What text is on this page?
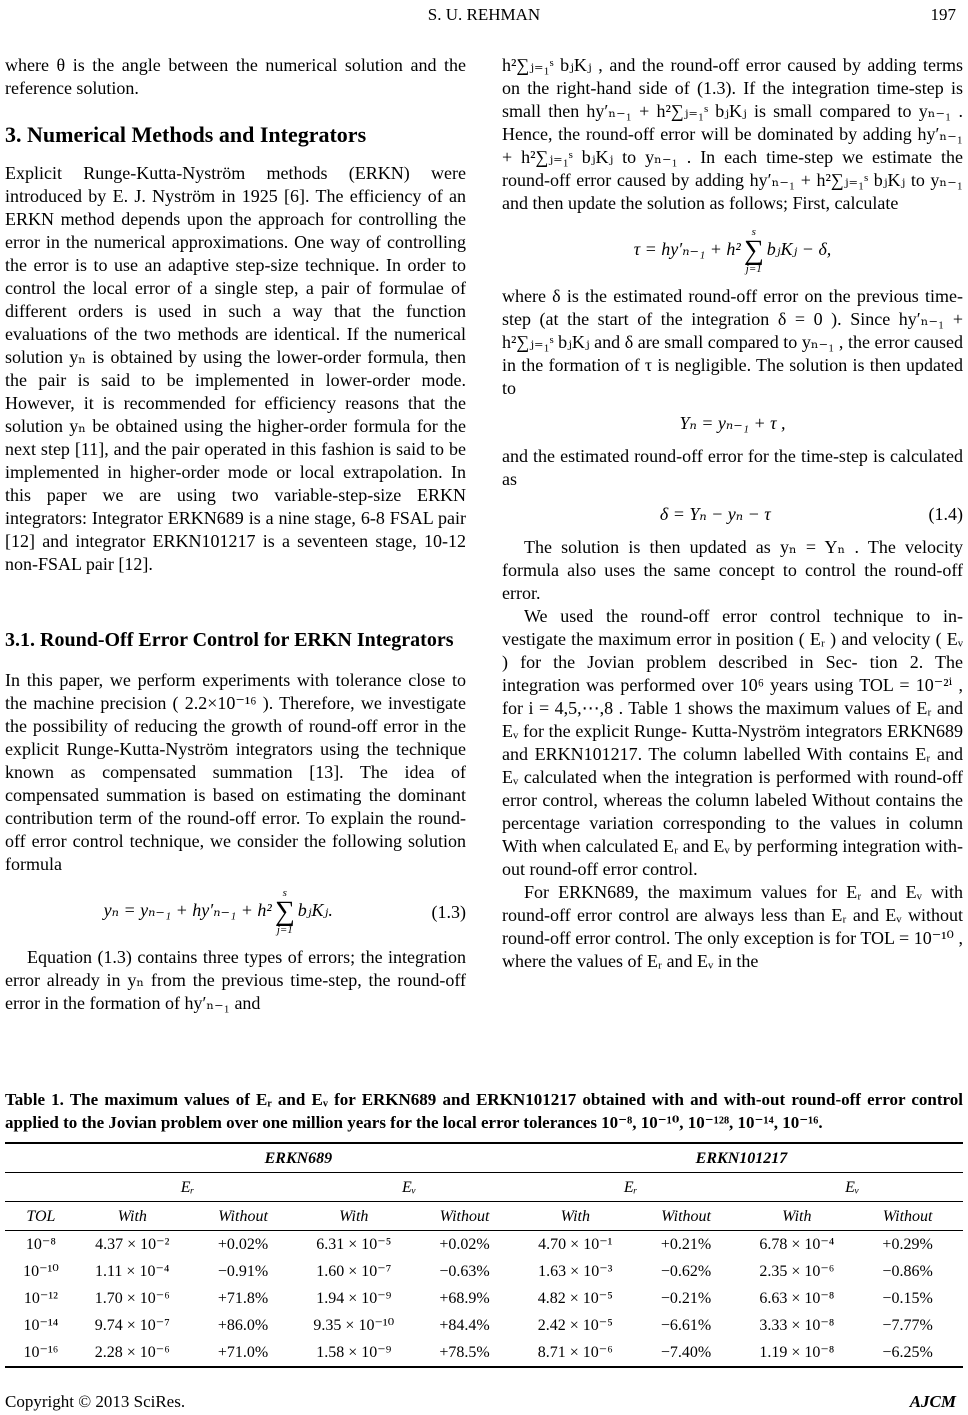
S. U. REHMAN	197

where θ is the angle between the numerical solution and the reference solution.

3. Numerical Methods and Integrators

Explicit Runge-Kutta-Nyström methods (ERKN) were introduced by E. J. Nyström in 1925 [6]. The efficiency of an ERKN method depends upon the approach for controlling the error in the numerical approximations. One way of controlling the error is to use an adaptive step-size technique. In order to control the local error of a single step, a pair of formulae of different orders is used in such a way that the function evaluations of the two methods are identical. If the numerical solution yₙ is obtained by using the lower-order formula, then the pair is said to be implemented in lower-order mode. However, it is recommended for efficiency reasons that the solution yₙ be obtained using the higher-order formula for the next step [11], and the pair operated in this fashion is said to be implemented in higher-order mode or local extrapolation. In this paper we are using two variable-step-size ERKN integrators: Integrator ERKN689 is a nine stage, 6-8 FSAL pair [12] and integrator ERKN101217 is a seventeen stage, 10-12 non-FSAL pair [12].

3.1. Round-Off Error Control for ERKN Integrators

In this paper, we perform experiments with tolerance close to the machine precision ( 2.2×10⁻¹⁶ ). Therefore, we investigate the possibility of reducing the growth of round-off error in the explicit Runge-Kutta-Nyström integrators using the technique known as compensated summation [13]. The idea of compensated summation is based on estimating the dominant contribution term of the round-off error. To explain the round-off error control technique, we consider the following solution formula

yₙ = yₙ₋₁ + hy′ₙ₋₁ + h²
s
∑
j=1
bⱼKⱼ.	(1.3)

Equation (1.3) contains three types of errors; the integration error already in yₙ from the previous time-step, the round-off error in the formation of hy′ₙ₋₁ and

h²∑ⱼ₌₁ˢ bⱼKⱼ , and the round-off error caused by adding terms on the right-hand side of (1.3). If the integration time-step is small then hy′ₙ₋₁ + h²∑ⱼ₌₁ˢ bⱼKⱼ is small compared to yₙ₋₁ . Hence, the round-off error will be dominated by adding hy′ₙ₋₁ + h²∑ⱼ₌₁ˢ bⱼKⱼ to yₙ₋₁ . In each time-step we estimate the round-off error caused by adding hy′ₙ₋₁ + h²∑ⱼ₌₁ˢ bⱼKⱼ to yₙ₋₁ and then update the solution as follows; First, calculate

τ = hy′ₙ₋₁ + h²
s
∑
j=1
bⱼKⱼ − δ,

where δ is the estimated round-off error on the previous time-step (at the start of the integration δ = 0 ). Since hy′ₙ₋₁ + h²∑ⱼ₌₁ˢ bⱼKⱼ and δ are small compared to yₙ₋₁ , the error caused in the formation of τ is negligible. The solution is then updated to

Yₙ = yₙ₋₁ + τ ,

and the estimated round-off error for the time-step is calculated as

δ = Yₙ − yₙ − τ	(1.4)

The solution is then updated as yₙ = Yₙ . The velocity formula also uses the same concept to control the round-off error.

We used the round-off error control technique to in- vestigate the maximum error in position ( Eᵣ ) and velocity ( Eᵥ ) for the Jovian problem described in Sec- tion 2. The integration was performed over 10⁶ years using TOL = 10⁻²ⁱ , for i = 4,5,⋯,8 . Table 1 shows the maximum values of Eᵣ and Eᵥ for the explicit Runge- Kutta-Nyström integrators ERKN689 and ERKN101217. The column labelled With contains Eᵣ and Eᵥ calculated when the integration is performed with round-off error control, whereas the column labeled Without contains the percentage variation corresponding to the values in column With when calculated Eᵣ and Eᵥ by performing integration with-out round-off error control.

For ERKN689, the maximum values for Eᵣ and Eᵥ with round-off error control are always less than Eᵣ and Eᵥ without round-off error control. The only exception is for TOL = 10⁻¹⁰ , where the values of Eᵣ and Eᵥ in the

Table 1. The maximum values of Eᵣ and Eᵥ for ERKN689 and ERKN101217 obtained with and with-out round-off error control applied to the Jovian problem over one million years for the local error tolerances 10⁻⁸, 10⁻¹⁰, 10⁻¹²⁸, 10⁻¹⁴, 10⁻¹⁶.

	ERKN689				ERKN101217			
	Eᵣ		Eᵥ		Eᵣ		Eᵥ	
TOL	With	Without	With	Without	With	Without	With	Without
10⁻⁸	4.37 × 10⁻²	+0.02%	6.31 × 10⁻⁵	+0.02%	4.70 × 10⁻¹	+0.21%	6.78 × 10⁻⁴	+0.29%
10⁻¹⁰	1.11 × 10⁻⁴	−0.91%	1.60 × 10⁻⁷	−0.63%	1.63 × 10⁻³	−0.62%	2.35 × 10⁻⁶	−0.86%
10⁻¹²	1.70 × 10⁻⁶	+71.8%	1.94 × 10⁻⁹	+68.9%	4.82 × 10⁻⁵	−0.21%	6.63 × 10⁻⁸	−0.15%
10⁻¹⁴	9.74 × 10⁻⁷	+86.0%	9.35 × 10⁻¹⁰	+84.4%	2.42 × 10⁻⁵	−6.61%	3.33 × 10⁻⁸	−7.77%
10⁻¹⁶	2.28 × 10⁻⁶	+71.0%	1.58 × 10⁻⁹	+78.5%	8.71 × 10⁻⁶	−7.40%	1.19 × 10⁻⁸	−6.25%
Copyright © 2013 SciRes.	AJCM
